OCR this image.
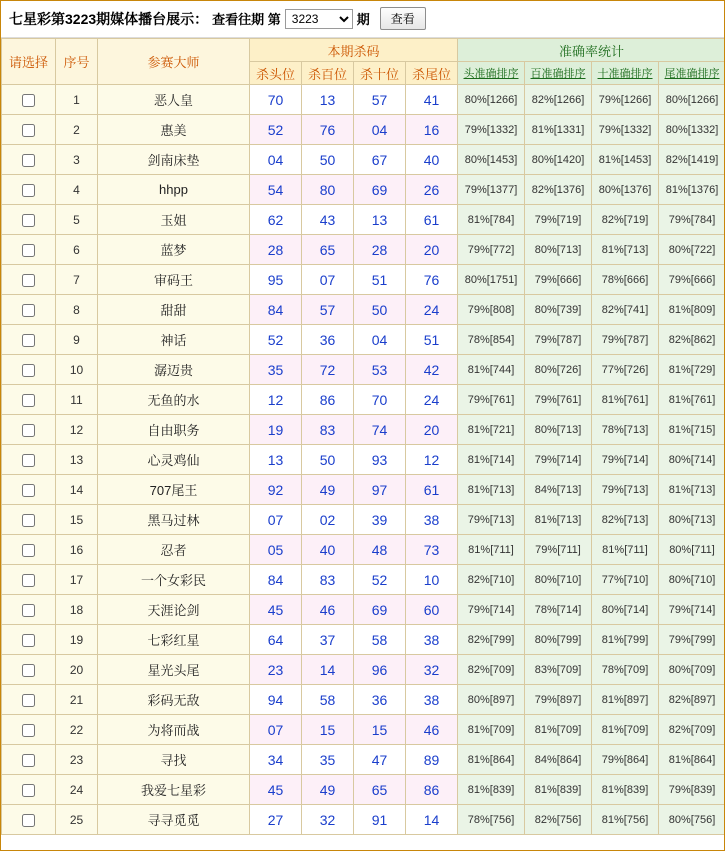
七星彩第3223期媒体播台展示： 查看往期 第
3223	期	查看
请选择	序号	参赛大师	本期杀码				准确率统计			
			杀头位	杀百位	杀十位	杀尾位	头准确排序	百准确排序	十准确排序	尾准确排序
	1	恶人皇	70	13	57	41	80%[1266]	82%[1266]	79%[1266]	80%[1266]
	2	惠美	52	76	04	16	79%[1332]	81%[1331]	79%[1332]	80%[1332]
	3	剑南床垫	04	50	67	40	80%[1453]	80%[1420]	81%[1453]	82%[1419]
	4	hhpp	54	80	69	26	79%[1377]	82%[1376]	80%[1376]	81%[1376]
	5	玉姐	62	43	13	61	81%[784]	79%[719]	82%[719]	79%[784]
	6	蓝梦	28	65	28	20	79%[772]	80%[713]	81%[713]	80%[722]
	7	审码王	95	07	51	76	80%[1751]	79%[666]	78%[666]	79%[666]
	8	甜甜	84	57	50	24	79%[808]	80%[739]	82%[741]	81%[809]
	9	神话	52	36	04	51	78%[854]	79%[787]	79%[787]	82%[862]
	10	潺迈贵	35	72	53	42	81%[744]	80%[726]	77%[726]	81%[729]
	11	无鱼的水	12	86	70	24	79%[761]	79%[761]	81%[761]	81%[761]
	12	自由职务	19	83	74	20	81%[721]	80%[713]	78%[713]	81%[715]
	13	心灵鸡仙	13	50	93	12	81%[714]	79%[714]	79%[714]	80%[714]
	14	707尾王	92	49	97	61	81%[713]	84%[713]	79%[713]	81%[713]
	15	黑马过林	07	02	39	38	79%[713]	81%[713]	82%[713]	80%[713]
	16	忍者	05	40	48	73	81%[711]	79%[711]	81%[711]	80%[711]
	17	一个女彩民	84	83	52	10	82%[710]	80%[710]	77%[710]	80%[710]
	18	天涯论剑	45	46	69	60	79%[714]	78%[714]	80%[714]	79%[714]
	19	七彩红星	64	37	58	38	82%[799]	80%[799]	81%[799]	79%[799]
	20	星光头尾	23	14	96	32	82%[709]	83%[709]	78%[709]	80%[709]
	21	彩码无敌	94	58	36	38	80%[897]	79%[897]	81%[897]	82%[897]
	22	为将而战	07	15	15	46	81%[709]	81%[709]	81%[709]	82%[709]
	23	寻找	34	35	47	89	81%[864]	84%[864]	79%[864]	81%[864]
	24	我爱七星彩	45	49	65	86	81%[839]	81%[839]	81%[839]	79%[839]
	25	寻寻觅觅	27	32	91	14	78%[756]	82%[756]	81%[756]	80%[756]
